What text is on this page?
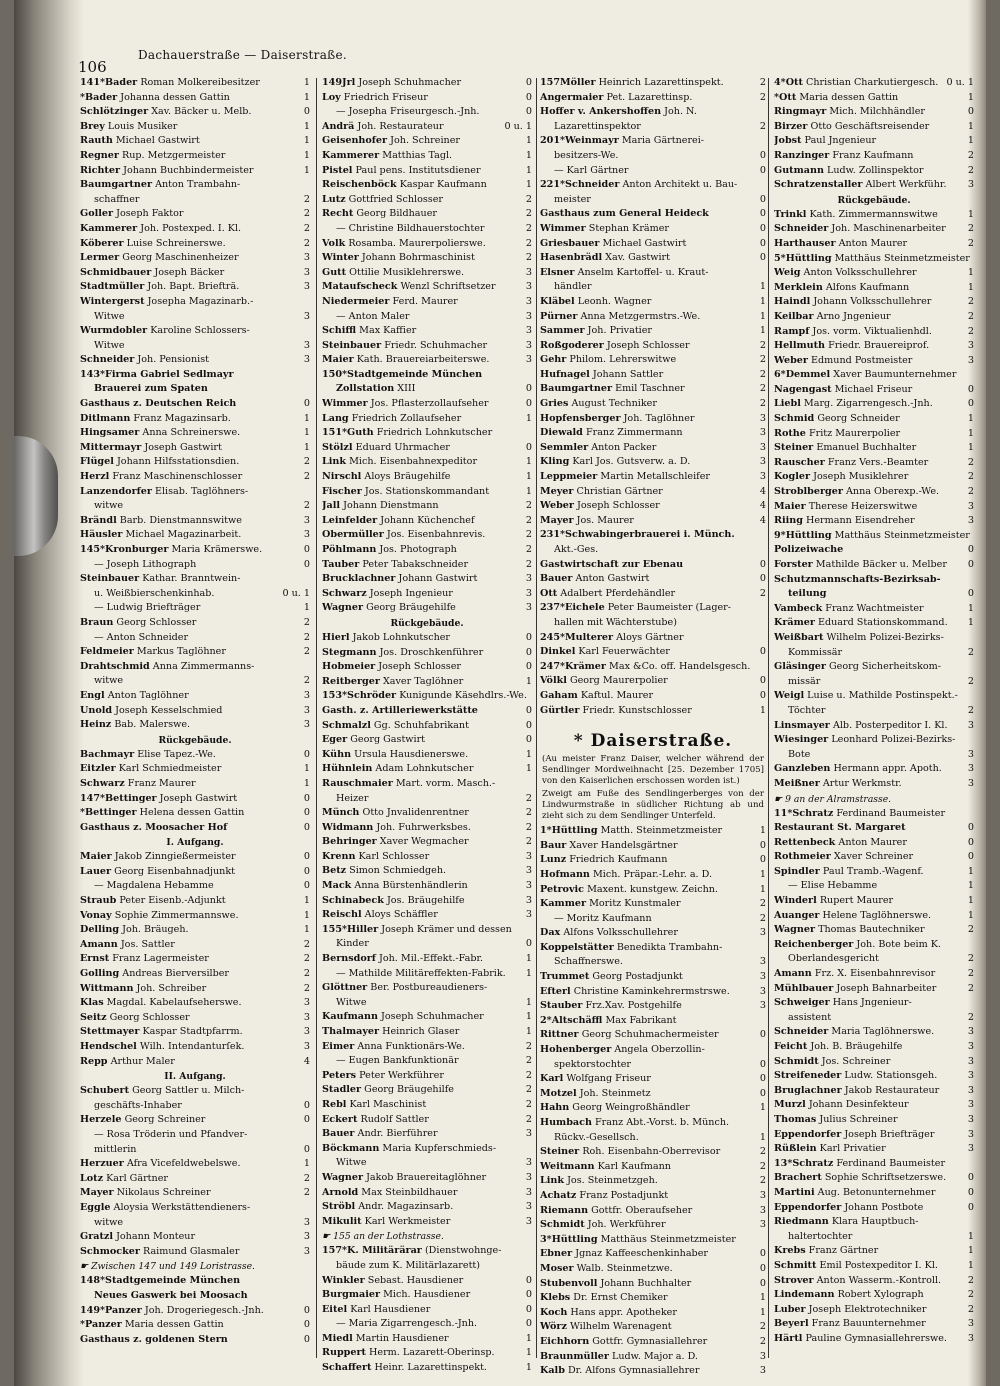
106
Dachauerstraße — Daiserstraße.
141*Bader Roman Molkereibesitzer	1
*Bader Johanna dessen Gattin	1
Schlötzinger Xav. Bäcker u. Melb.	0
Brey Louis Musiker	1
Rauth Michael Gastwirt	1
Regner Rup. Metzgermeister	1
Richter Johann Buchbindermeister	1
Baumgartner Anton Trambahn-
schaffner	2
Goller Joseph Faktor	2
Kammerer Joh. Postexped. I. Kl.	2
Köberer Luise Schreinerswe.	2
Lermer Georg Maschinenheizer	3
Schmidbauer Joseph Bäcker	3
Stadtmüller Joh. Bapt. Briefträ.	3
Wintergerst Josepha Magazinarb.-
Witwe	3
Wurmdobler Karoline Schlossers-
Witwe	3
Schneider Joh. Pensionist	3
143*Firma Gabriel Sedlmayr
Brauerei zum Spaten
Gasthaus z. Deutschen Reich	0
Ditlmann Franz Magazinsarb.	1
Hingsamer Anna Schreinerswe.	1
Mittermayr Joseph Gastwirt	1
Flügel Johann Hilfsstationsdien.	2
Herzl Franz Maschinenschlosser	2
Lanzendorfer Elisab. Taglöhners-
witwe	2
Brändl Barb. Dienstmannswitwe	3
Häusler Michael Magazinarbeit.	3
145*Kronburger Maria Krämerswe.	0
— Joseph Lithograph	0
Steinbauer Kathar. Branntwein-
u. Weißbierschenkinhab.	0 u. 1
— Ludwig Briefträger	1
Braun Georg Schlosser	2
— Anton Schneider	2
Feldmeier Markus Taglöhner	2
Drahtschmid Anna Zimmermanns-
witwe	2
Engl Anton Taglöhner	3
Unold Joseph Kesselschmied	3
Heinz Bab. Malerswe.	3
Rückgebäude.
Bachmayr Elise Tapez.-We.	0
Eitzler Karl Schmiedmeister	1
Schwarz Franz Maurer	1
147*Bettinger Joseph Gastwirt	0
*Bettinger Helena dessen Gattin	0
Gasthaus z. Moosacher Hof	0
I. Aufgang.
Maier Jakob Zinngießermeister	0
Lauer Georg Eisenbahnadjunkt	0
— Magdalena Hebamme	0
Straub Peter Eisenb.-Adjunkt	1
Vonay Sophie Zimmermannswe.	1
Delling Joh. Bräugeh.	1
Amann Jos. Sattler	2
Ernst Franz Lagermeister	2
Golling Andreas Bierversilber	2
Wittmann Joh. Schreiber	2
Klas Magdal. Kabelaufseherswe.	3
Seitz Georg Schlosser	3
Stettmayer Kaspar Stadtpfarrm.	3
Hendschel Wilh. Intendanturſek.	3
Repp Arthur Maler	4
II. Aufgang.
Schubert Georg Sattler u. Milch-
geschäfts-Inhaber	0
Herzele Georg Schreiner	0
— Rosa Tröderin und Pfandver-
mittlerin	0
Herzuer Afra Vicefeldwebelswe.	1
Lotz Karl Gärtner	2
Mayer Nikolaus Schreiner	2
Eggle Aloysia Werkstättendieners-
witwe	3
Gratzl Johann Monteur	3
Schmocker Raimund Glasmaler	3
☛ Zwischen 147 und 149 Loristrasse.
148*Stadtgemeinde München
Neues Gaswerk bei Moosach
149*Panzer Joh. Drogeriegesch.-Jnh.	0
*Panzer Maria dessen Gattin	0
Gasthaus z. goldenen Stern	0
149Jrl Joseph Schuhmacher	0
Loy Friedrich Friseur	0
— Josepha Friseurgesch.-Jnh.	0
Andrä Joh. Restaurateur	0 u. 1
Geisenhofer Joh. Schreiner	1
Kammerer Matthias Tagl.	1
Pistel Paul pens. Institutsdiener	1
Reischenböck Kaspar Kaufmann	1
Lutz Gottfried Schlosser	2
Recht Georg Bildhauer	2
— Christine Bildhauerstochter	2
Volk Rosamba. Maurerpolierswe.	2
Winter Johann Bohrmaschinist	2
Gutt Ottilie Musiklehrerswe.	3
Mataufscheck Wenzl Schriftsetzer	3
Niedermeier Ferd. Maurer	3
— Anton Maler	3
Schiffl Max Kaffier	3
Steinbauer Friedr. Schuhmacher	3
Maier Kath. Brauereiarbeiterswe.	3
150*Stadtgemeinde München
Zollstation XIII	0
Wimmer Jos. Pflasterzollaufseher	0
Lang Friedrich Zollaufseher	1
151*Guth Friedrich Lohnkutscher
Stölzl Eduard Uhrmacher	0
Link Mich. Eisenbahnexpeditor	1
Nirschl Aloys Bräugehilfe	1
Fischer Jos. Stationskommandant	1
Jall Johann Dienstmann	2
Leinfelder Johann Küchenchef	2
Obermüller Jos. Eisenbahnrevis.	2
Pöhlmann Jos. Photograph	2
Tauber Peter Tabakschneider	2
Brucklachner Johann Gastwirt	3
Schwarz Joseph Ingenieur	3
Wagner Georg Bräugehilfe	3
Rückgebäude.
Hierl Jakob Lohnkutscher	0
Stegmann Jos. Droschkenführer	0
Hobmeier Joseph Schlosser	0
Reitberger Xaver Taglöhner	1
153*Schröder Kunigunde Käsehdlrs.-We.
Gasth. z. Artilleriewerkstätte	0
Schmalzl Gg. Schuhfabrikant	0
Eger Georg Gastwirt	0
Kühn Ursula Hausdienerswe.	1
Hühnlein Adam Lohnkutscher	1
Rauschmaier Mart. vorm. Masch.-
Heizer	2
Münch Otto Jnvalidenrentner	2
Widmann Joh. Fuhrwerksbes.	2
Behringer Xaver Wegmacher	2
Krenn Karl Schlosser	3
Betz Simon Schmiedgeh.	3
Mack Anna Bürstenhändlerin	3
Schinabeck Jos. Bräugehilfe	3
Reischl Aloys Schäffler	3
155*Hiller Joseph Krämer und dessen
Kinder	0
Bernsdorf Joh. Mil.-Effekt.-Fabr.	1
— Mathilde Militäreffekten-Fabrik.	1
Glöttner Ber. Postbureaudieners-
Witwe	1
Kaufmann Joseph Schuhmacher	1
Thalmayer Heinrich Glaser	1
Eimer Anna Funktionärs-We.	2
— Eugen Bankfunktionär	2
Peters Peter Werkführer	2
Stadler Georg Bräugehilfe	2
Rebl Karl Maschinist	2
Eckert Rudolf Sattler	2
Bauer Andr. Bierführer	3
Böckmann Maria Kupferschmieds-
Witwe	3
Wagner Jakob Brauereitaglöhner	3
Arnold Max Steinbildhauer	3
Ströbl Andr. Magazinsarb.	3
Mikulit Karl Werkmeister	3
☛ 155 an der Lothstrasse.
157*K. Militärärar (Dienstwohnge-
bäude zum K. Militärlazarett)
Winkler Sebast. Hausdiener	0
Burgmaier Mich. Hausdiener	0
Eitel Karl Hausdiener	0
— Maria Zigarrengesch.-Jnh.	0
Miedl Martin Hausdiener	1
Ruppert Herm. Lazarett-Oberinsp.	1
Schaffert Heinr. Lazarettinspekt.	1
157Möller Heinrich Lazarettinspekt.	2
Angermaier Pet. Lazarettinsp.	2
Hoffer v. Ankershoffen Joh. N.
Lazarettinspektor	2
201*Weinmayr Maria Gärtnerei-
besitzers-We.	0
— Karl Gärtner	0
221*Schneider Anton Architekt u. Bau-
meister	0
Gasthaus zum General Heideck	0
Wimmer Stephan Krämer	0
Griesbauer Michael Gastwirt	0
Hasenbrädl Xav. Gastwirt	0
Elsner Anselm Kartoffel- u. Kraut-
händler	1
Kläbel Leonh. Wagner	1
Pürner Anna Metzgermstrs.-We.	1
Sammer Joh. Privatier	1
Roßgoderer Joseph Schlosser	2
Gehr Philom. Lehrerswitwe	2
Hufnagel Johann Sattler	2
Baumgartner Emil Taschner	2
Gries August Techniker	2
Hopfensberger Joh. Taglöhner	3
Diewald Franz Zimmermann	3
Semmler Anton Packer	3
Kling Karl Jos. Gutsverw. a. D.	3
Leppmeier Martin Metallschleifer	3
Meyer Christian Gärtner	4
Weber Joseph Schlosser	4
Mayer Jos. Maurer	4
231*Schwabingerbrauerei i. Münch.
Akt.-Ges.
Gastwirtschaft zur Ebenau	0
Bauer Anton Gastwirt	0
Ott Adalbert Pferdehändler	2
237*Eichele Peter Baumeister (Lager-
hallen mit Wächterstube)
245*Multerer Aloys Gärtner
Dinkel Karl Feuerwächter	0
247*Krämer Max &Co. off. Handelsgesch.
Völkl Georg Maurerpolier	0
Gaham Kaftul. Maurer	0
Gürtler Friedr. Kunstschlosser	1
* Daiserstraße.
(Au meister Franz Daiser, welcher während der Sendlinger Mordweihnacht [25. Dezember 1705] von den Kaiserlichen erschossen worden ist.)
Zweigt am Fuße des Sendlingerberges von der Lindwurmstraße in südlicher Richtung ab und zieht sich zu dem Sendlinger Unterfeld.
1*Hüttling Matth. Steinmetzmeister	1
Baur Xaver Handelsgärtner	0
Lunz Friedrich Kaufmann	0
Hofmann Mich. Präpar.-Lehr. a. D.	1
Petrovic Maxent. kunstgew. Zeichn.	1
Kammer Moritz Kunstmaler	2
— Moritz Kaufmann	2
Dax Alfons Volksschullehrer	3
Koppelstätter Benedikta Trambahn-
Schaffnerswe.	3
Trummet Georg Postadjunkt	3
Efterl Christine Kaminkehrermstrswe.	3
Stauber Frz.Xav. Postgehilfe	3
2*Altschäffl Max Fabrikant
Rittner Georg Schuhmachermeister	0
Hohenberger Angela Oberzollin-
spektorstochter	0
Karl Wolfgang Friseur	0
Motzel Joh. Steinmetz	0
Hahn Georg Weingroßhändler	1
Humbach Franz Abt.-Vorst. b. Münch.
Rückv.-Gesellsch.	1
Steiner Roh. Eisenbahn-Oberrevisor	2
Weitmann Karl Kaufmann	2
Link Jos. Steinmetzgeh.	2
Achatz Franz Postadjunkt	3
Riemann Gottfr. Oberaufseher	3
Schmidt Joh. Werkführer	3
3*Hüttling Matthäus Steinmetzmeister
Ebner Jgnaz Kaffeeschenkinhaber	0
Moser Walb. Steinmetzwe.	0
Stubenvoll Johann Buchhalter	0
Klebs Dr. Ernst Chemiker	1
Koch Hans appr. Apotheker	1
Wörz Wilhelm Warenagent	2
Eichhorn Gottfr. Gymnasiallehrer	2
Braunmüller Ludw. Major a. D.	3
Kalb Dr. Alfons Gymnasiallehrer	3
4*Ott Christian Charkutiergesch. 0 u. 1
*Ott Maria dessen Gattin	1
Ringmayr Mich. Milchhändler	0
Birzer Otto Geschäftsreisender	1
Jobst Paul Jngenieur	1
Ranzinger Franz Kaufmann	2
Gutmann Ludw. Zollinspektor	2
Schratzenstaller Albert Werkführ.	3
Rückgebäude.
Trinkl Kath. Zimmermannswitwe	1
Schneider Joh. Maschinenarbeiter	2
Harthauser Anton Maurer	2
5*Hüttling Matthäus Steinmetzmeister
Weig Anton Volksschullehrer	1
Merklein Alfons Kaufmann	1
Haindl Johann Volksschullehrer	2
Keilbar Arno Jngenieur	2
Rampf Jos. vorm. Viktualienhdl.	2
Hellmuth Friedr. Brauereiprof.	3
Weber Edmund Postmeister	3
6*Demmel Xaver Baumunternehmer
Nagengast Michael Friseur	0
Liebl Marg. Zigarrengesch.-Jnh.	0
Schmid Georg Schneider	1
Rothe Fritz Maurerpolier	1
Steiner Emanuel Buchhalter	1
Rauscher Franz Vers.-Beamter	2
Kogler Joseph Musiklehrer	2
Stroblberger Anna Oberexp.-We.	2
Maier Therese Heizerswitwe	3
Riing Hermann Eisendreher	3
9*Hüttling Matthäus Steinmetzmeister
Polizeiwache	0
Forster Mathilde Bäcker u. Melber	0
Schutzmannschafts-Bezirksab-
teilung	0
Vambeck Franz Wachtmeister	1
Krämer Eduard Stationskommand.	1
Weißbart Wilhelm Polizei-Bezirks-
Kommissär	2
Gläsinger Georg Sicherheitskom-
missär	2
Weigl Luise u. Mathilde Postinspekt.-
Töchter	2
Linsmayer Alb. Posterpeditor I. Kl.	3
Wiesinger Leonhard Polizei-Bezirks-
Bote	3
Ganzleben Hermann appr. Apoth.	3
Meißner Artur Werkmstr.	3
☛ 9 an der Alramstrasse.
11*Schratz Ferdinand Baumeister
Restaurant St. Margaret	0
Rettenbeck Anton Maurer	0
Rothmeier Xaver Schreiner	0
Spindler Paul Tramb.-Wagenf.	1
— Elise Hebamme	1
Winderl Rupert Maurer	1
Auanger Helene Taglöhnerswe.	1
Wagner Thomas Bautechniker	2
Reichenberger Joh. Bote beim K.
Oberlandesgericht	2
Amann Frz. X. Eisenbahnrevisor	2
Mühlbauer Joseph Bahnarbeiter	2
Schweiger Hans Jngenieur-
assistent	2
Schneider Maria Taglöhnerswe.	3
Feicht Joh. B. Bräugehilfe	3
Schmidt Jos. Schreiner	3
Streifeneder Ludw. Stationsgeh.	3
Bruglachner Jakob Restaurateur	3
Murzl Johann Desinfekteur	3
Thomas Julius Schreiner	3
Eppendorfer Joseph Briefträger	3
Rüßlein Karl Privatier	3
13*Schratz Ferdinand Baumeister
Brachert Sophie Schriftsetzerswe.	0
Martini Aug. Betonunternehmer	0
Eppendorfer Johann Postbote	0
Riedmann Klara Hauptbuch-
haltertochter	1
Krebs Franz Gärtner	1
Schmitt Emil Postexpeditor I. Kl.	1
Strover Anton Wasserm.-Kontroll.	2
Lindemann Robert Xylograph	2
Luber Joseph Elektrotechniker	2
Beyerl Franz Bauunternehmer	3
Härtl Pauline Gymnasiallehrerswe.	3
